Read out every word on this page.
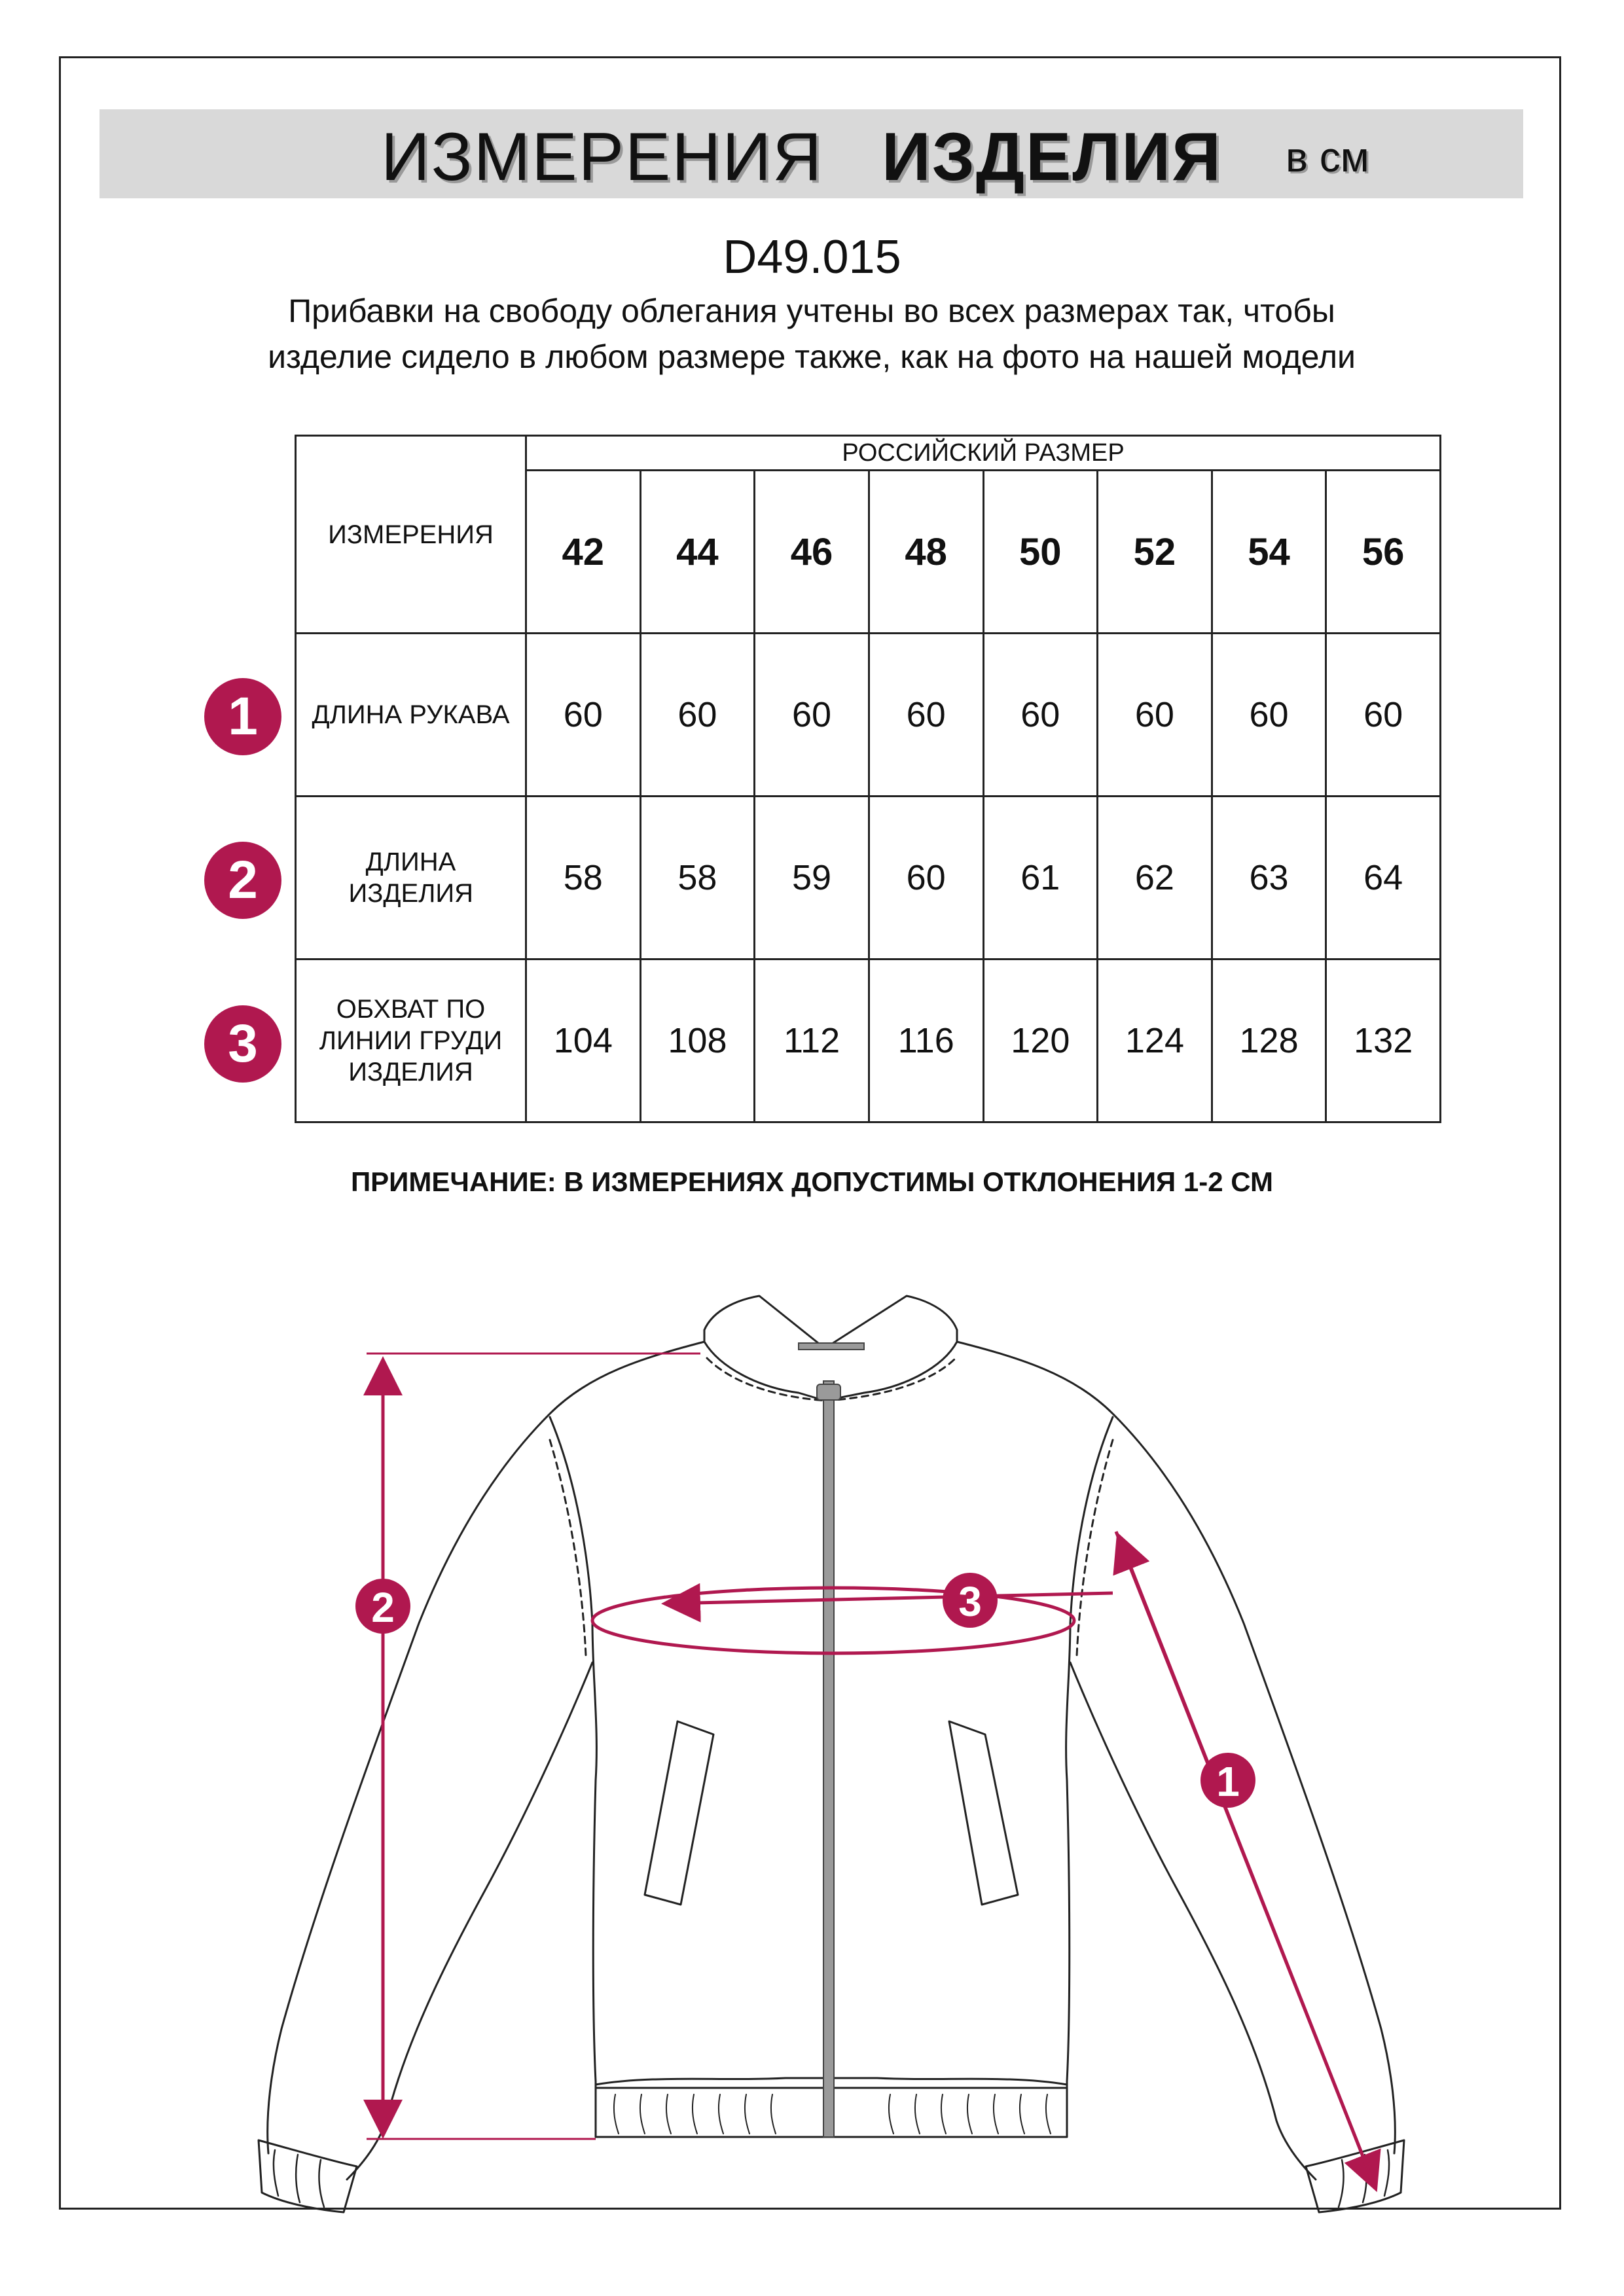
ИЗМЕРЕНИЯ ИЗДЕЛИЯ в см
D49.015
Прибавки на свободу облегания учтены во всех размерах так, чтобы изделие сидело в любом размере также, как на фото на нашей модели
ИЗМЕРЕНИЯ	РОССИЙСКИЙ РАЗМЕР							
	42	44	46	48	50	52	54	56
ДЛИНА РУКАВА	60	60	60	60	60	60	60	60

ДЛИНА ИЗДЕЛИЯ	58	58	59	60	61	62	63	64

ОБХВАТ ПО ЛИНИИ ГРУДИ ИЗДЕЛИЯ	104	108	112	116	120	124	128	132
1
2
3
ПРИМЕЧАНИЕ: В ИЗМЕРЕНИЯХ ДОПУСТИМЫ ОТКЛОНЕНИЯ 1-2 СМ
1
2	3
